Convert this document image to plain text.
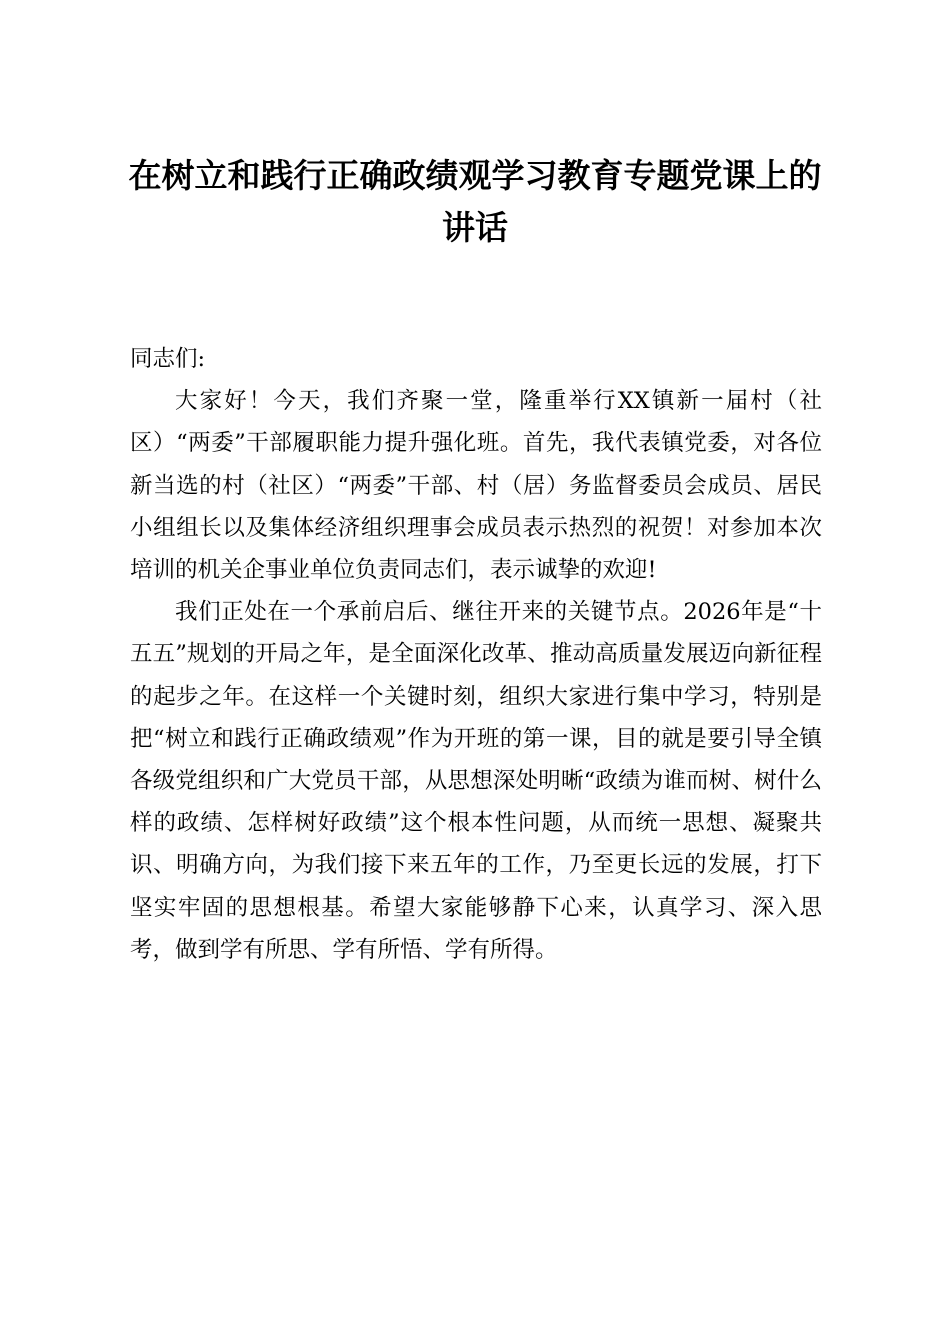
在树立和践行正确政绩观学习教育专题党课上的讲话

同志们:

大家好！今天，我们齐聚一堂，隆重举行XX镇新一届村（社区）“两委”干部履职能力提升强化班。首先，我代表镇党委，对各位新当选的村（社区）“两委”干部、村（居）务监督委员会成员、居民小组组长以及集体经济组织理事会成员表示热烈的祝贺！对参加本次培训的机关企事业单位负责同志们，表示诚挚的欢迎!

我们正处在一个承前启后、继往开来的关键节点。2026年是“十五五”规划的开局之年，是全面深化改革、推动高质量发展迈向新征程的起步之年。在这样一个关键时刻，组织大家进行集中学习，特别是把“树立和践行正确政绩观”作为开班的第一课，目的就是要引导全镇各级党组织和广大党员干部，从思想深处明晰“政绩为谁而树、树什么样的政绩、怎样树好政绩”这个根本性问题，从而统一思想、凝聚共识、明确方向，为我们接下来五年的工作，乃至更长远的发展，打下坚实牢固的思想根基。希望大家能够静下心来，认真学习、深入思考，做到学有所思、学有所悟、学有所得。
